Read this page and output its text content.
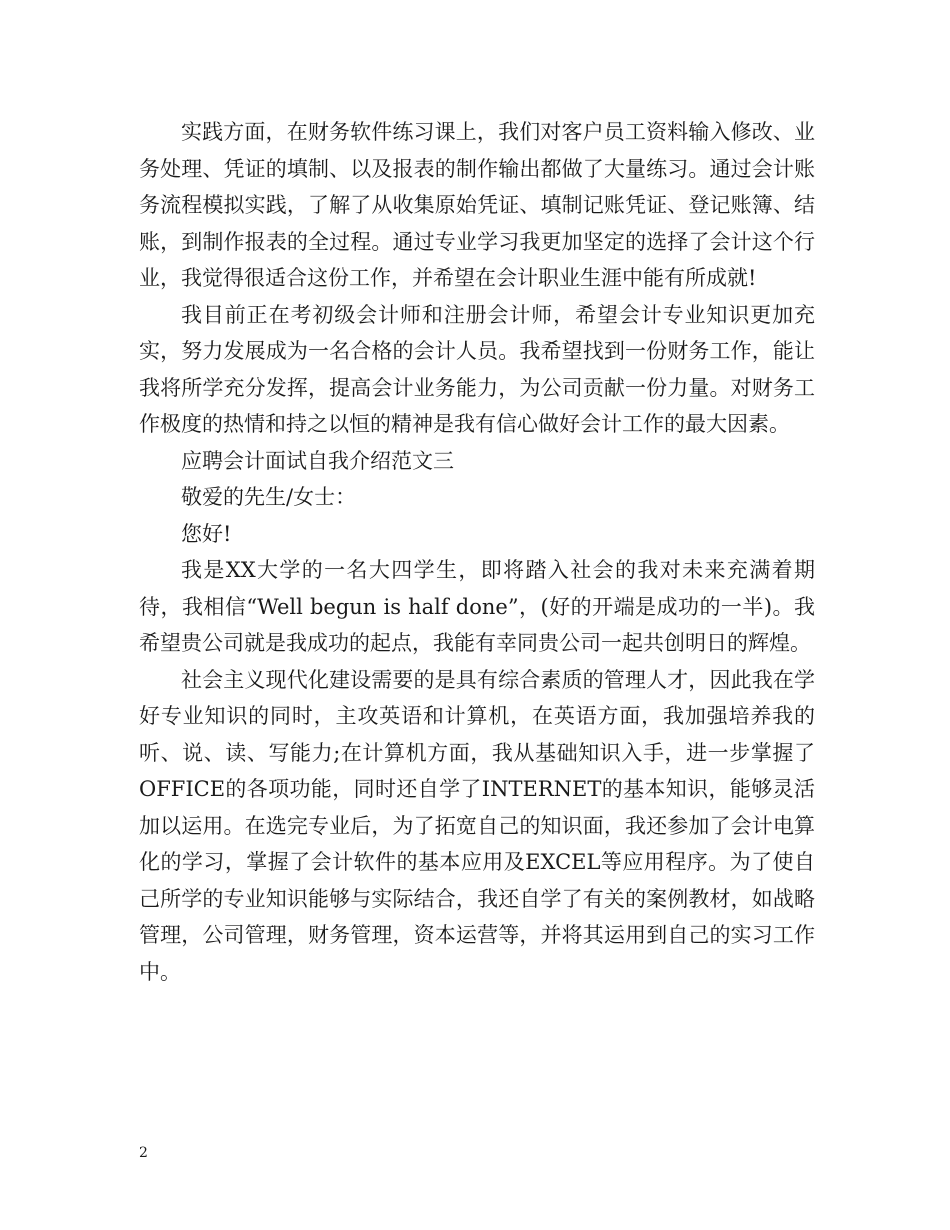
实践方面，在财务软件练习课上，我们对客户员工资料输入修改、业务处理、凭证的填制、以及报表的制作输出都做了大量练习。通过会计账务流程模拟实践，了解了从收集原始凭证、填制记账凭证、登记账簿、结账，到制作报表的全过程。通过专业学习我更加坚定的选择了会计这个行业，我觉得很适合这份工作，并希望在会计职业生涯中能有所成就!

我目前正在考初级会计师和注册会计师，希望会计专业知识更加充实，努力发展成为一名合格的会计人员。我希望找到一份财务工作，能让我将所学充分发挥，提高会计业务能力，为公司贡献一份力量。对财务工作极度的热情和持之以恒的精神是我有信心做好会计工作的最大因素。

应聘会计面试自我介绍范文三

敬爱的先生/女士：

您好!

我是XX大学的一名大四学生，即将踏入社会的我对未来充满着期待，我相信“Well begun is half done”，(好的开端是成功的一半)。我希望贵公司就是我成功的起点，我能有幸同贵公司一起共创明日的辉煌。

社会主义现代化建设需要的是具有综合素质的管理人才，因此我在学好专业知识的同时，主攻英语和计算机，在英语方面，我加强培养我的听、说、读、写能力;在计算机方面，我从基础知识入手，进一步掌握了OFFICE的各项功能，同时还自学了INTERNET的基本知识，能够灵活加以运用。在选完专业后，为了拓宽自己的知识面，我还参加了会计电算化的学习，掌握了会计软件的基本应用及EXCEL等应用程序。为了使自己所学的专业知识能够与实际结合，我还自学了有关的案例教材，如战略管理，公司管理，财务管理，资本运营等，并将其运用到自己的实习工作中。

2
